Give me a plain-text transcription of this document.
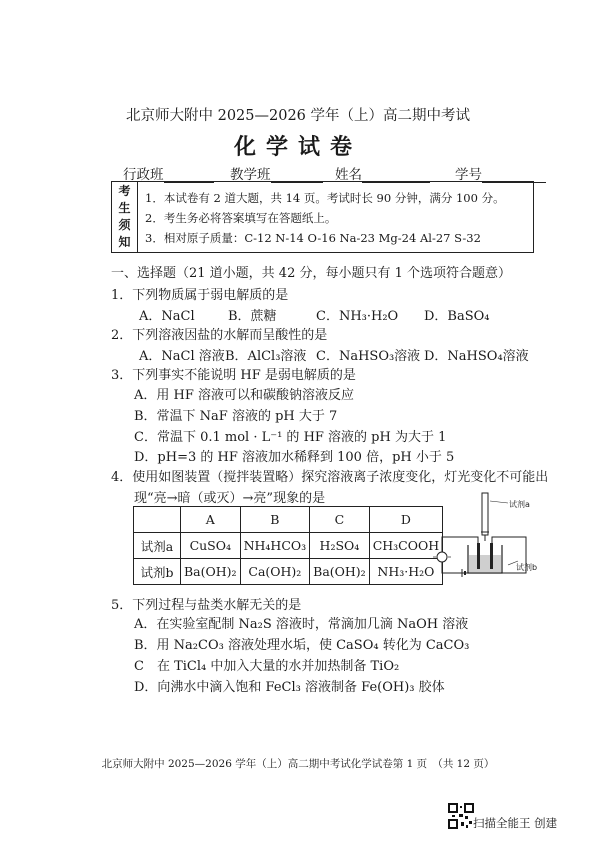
北京师大附中 2025—2026 学年（上）高二期中考试
化学试卷
行政班	教学班	姓名	学号
考
生
须
知
1．本试卷有 2 道大题，共 14 页。考试时长 90 分钟，满分 100 分。
2．考生务必将答案填写在答题纸上。
3．相对原子质量：C-12 N-14 O-16 Na-23 Mg-24 Al-27 S-32
一、选择题（21 道小题，共 42 分，每小题只有 1 个选项符合题意）
1．下列物质属于弱电解质的是
A．NaCl	B．蔗糖	C．NH₃·H₂O D．BaSO₄
2．下列溶液因盐的水解而呈酸性的是
A．NaCl 溶液 B．AlCl₃溶液 C．NaHSO₃溶液 D．NaHSO₄溶液
3．下列事实不能说明 HF 是弱电解质的是
A．用 HF 溶液可以和碳酸钠溶液反应
B．常温下 NaF 溶液的 pH 大于 7
C．常温下 0.1 mol · L⁻¹ 的 HF 溶液的 pH 为大于 1
D．pH=3 的 HF 溶液加水稀释到 100 倍，pH 小于 5
4．使用如图装置（搅拌装置略）探究溶液离子浓度变化，灯光变化不可能出
现“亮→暗（或灭）→亮”现象的是
	A	B	C	D
试剂a	CuSO₄	NH₄HCO₃	H₂SO₄	CH₃COOH
试剂b	Ba(OH)₂	Ca(OH)₂	Ba(OH)₂	NH₃·H₂O
试剂a
试剂b
5．下列过程与盐类水解无关的是
A．在实验室配制 Na₂S 溶液时，常滴加几滴 NaOH 溶液
B．用 Na₂CO₃ 溶液处理水垢，使 CaSO₄ 转化为 CaCO₃
C　在 TiCl₄ 中加入大量的水并加热制备 TiO₂
D．向沸水中滴入饱和 FeCl₃ 溶液制备 Fe(OH)₃ 胶体
北京师大附中 2025—2026 学年（上）高二期中考试化学试卷第 1 页　（共 12 页）
扫描全能王 创建
